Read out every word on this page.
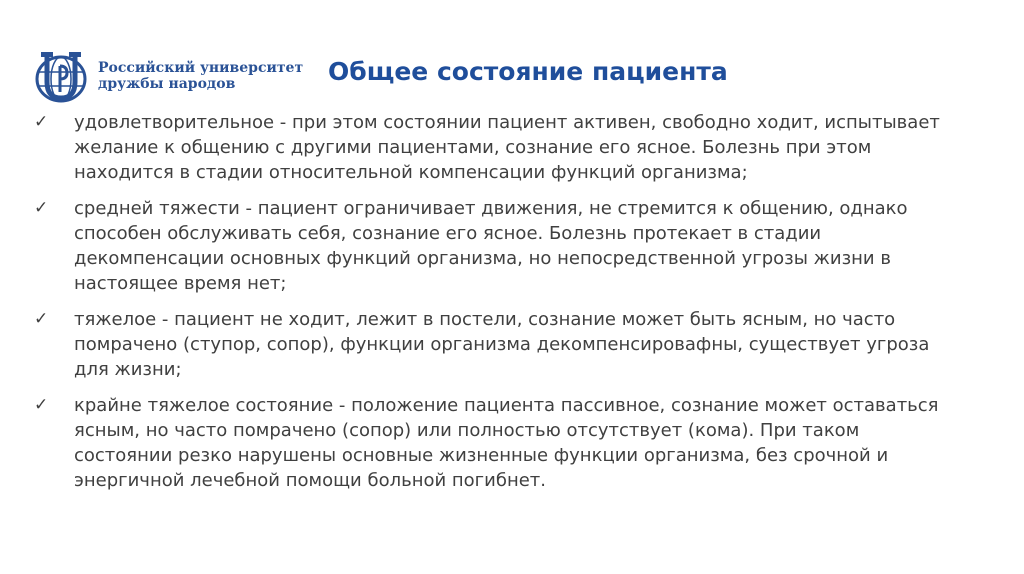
Российский университет
дружбы народов	Общее состояние пациента
✓	удовлетворительное - при этом состоянии пациент активен, свободно ходит, испытывает желание к общению с другими пациентами, сознание его ясное. Болезнь при этом находится в стадии относительной компенсации функций организма;
✓	средней тяжести - пациент ограничивает движения, не стремится к общению, однако способен обслуживать себя, сознание его ясное. Болезнь протекает в стадии декомпенсации основных функций организма, но непосредственной угрозы жизни в настоящее время нет;
✓	тяжелое - пациент не ходит, лежит в постели, сознание может быть ясным, но часто помрачено (ступор, сопор), функции организма декомпенсировафны, существует угроза для жизни;
✓	крайне тяжелое состояние - положение пациента пассивное, сознание может оставаться ясным, но часто помрачено (сопор) или полностью отсутствует (кома). При таком состоянии резко нарушены основные жизненные функции организма, без срочной и энергичной лечебной помощи больной погибнет.
